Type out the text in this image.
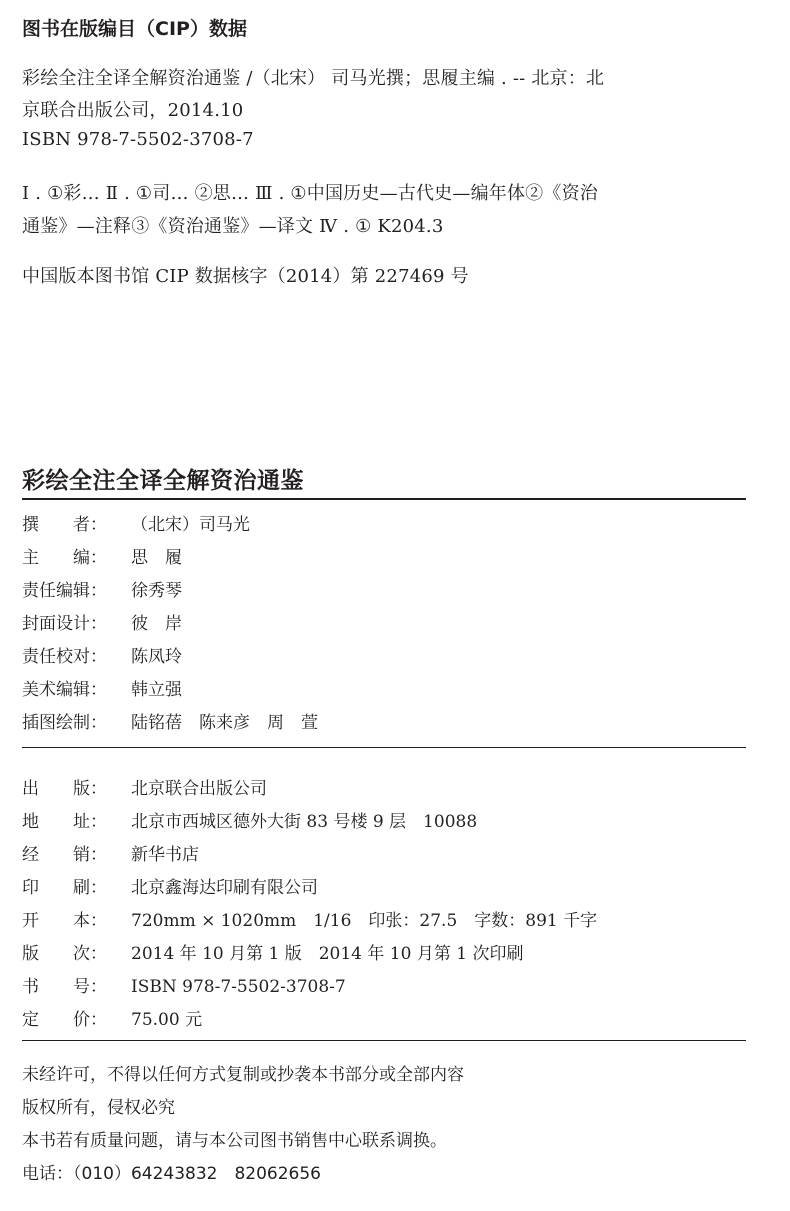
图书在版编目（CIP）数据
彩绘全注全译全解资治通鉴 /（北宋） 司马光撰；思履主编 . -- 北京：北
京联合出版公司，2014.10
ISBN 978-7-5502-3708-7
Ⅰ . ①彩… Ⅱ . ①司… ②思… Ⅲ . ①中国历史—古代史—编年体②《资治
通鉴》—注释③《资治通鉴》—译文 Ⅳ . ① K204.3
中国版本图书馆 CIP 数据核字（2014）第 227469 号
彩绘全注全译全解资治通鉴
撰　　者： （北宋）司马光
主　　编： 思　履
责任编辑： 徐秀琴
封面设计： 彼　岸
责任校对： 陈凤玲
美术编辑： 韩立强
插图绘制： 陆铭蓓　陈来彦　周　萱
出　　版： 北京联合出版公司
地　　址： 北京市西城区德外大街 83 号楼 9 层　10088
经　　销： 新华书店
印　　刷： 北京鑫海达印刷有限公司
开　　本： 720mm × 1020mm　1/16　印张：27.5　字数：891 千字
版　　次： 2014 年 10 月第 1 版　2014 年 10 月第 1 次印刷
书　　号： ISBN 978-7-5502-3708-7
定　　价： 75.00 元
未经许可，不得以任何方式复制或抄袭本书部分或全部内容
版权所有，侵权必究
本书若有质量问题，请与本公司图书销售中心联系调换。
电话：（010）64243832　82062656
